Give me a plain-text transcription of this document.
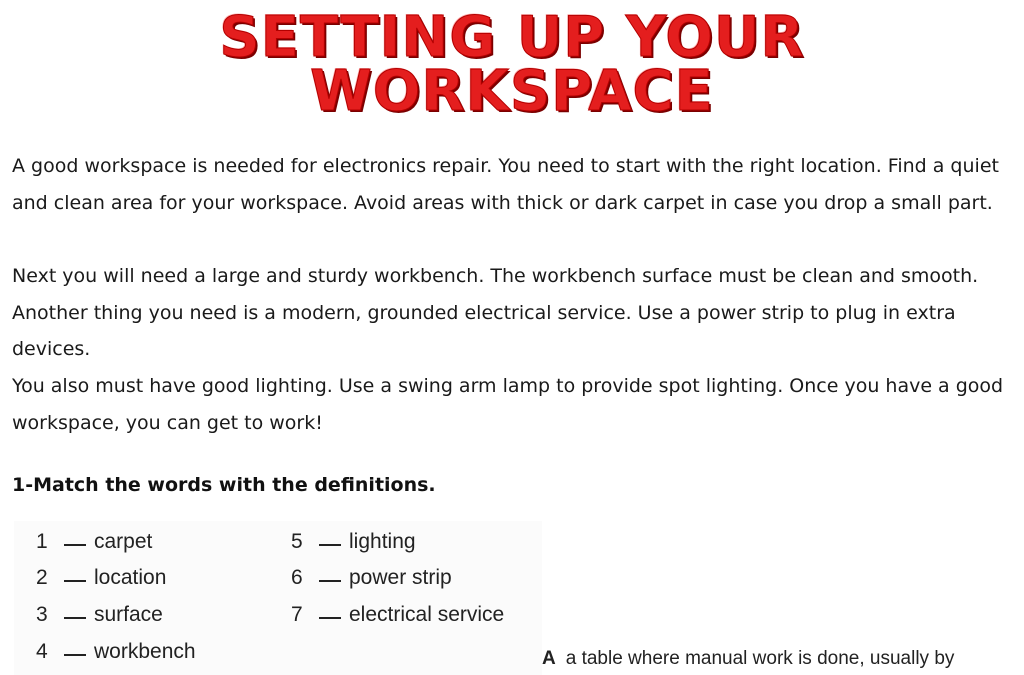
SETTING UP YOUR
WORKSPACE

A good workspace is needed for electronics repair. You need to start with the right location. Find a quiet and clean area for your workspace. Avoid areas with thick or dark carpet in case you drop a small part.

Next you will need a large and sturdy workbench. The workbench surface must be clean and smooth. Another thing you need is a modern, grounded electrical service. Use a power strip to plug in extra devices.

You also must have good lighting. Use a swing arm lamp to provide spot lighting. Once you have a good workspace, you can get to work!

1-Match the words with the definitions.
1 carpet
2 location
3 surface
4 workbench
5 lighting
6 power strip
7 electrical service
A a table where manual work is done, usually by
